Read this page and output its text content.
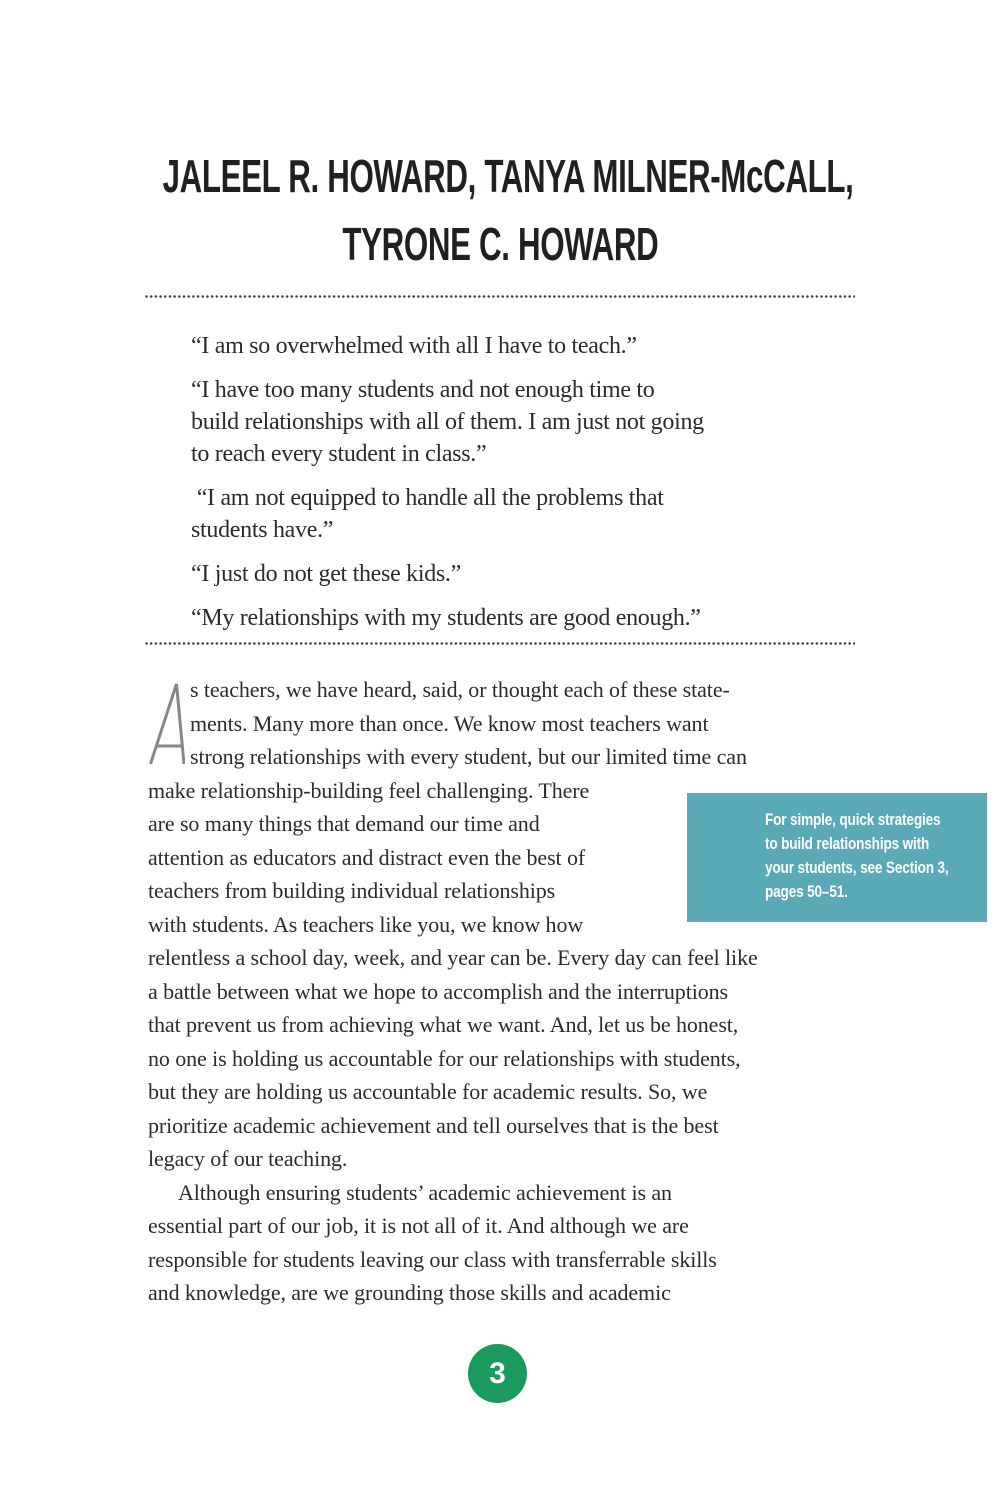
JALEEL R. HOWARD, TANYA MILNER-McCALL,
TYRONE C. HOWARD
“I am so overwhelmed with all I have to teach.”
“I have too many students and not enough time to
build relationships with all of them. I am just not going
to reach every student in class.”
“I am not equipped to handle all the problems that
students have.”
“I just do not get these kids.”
“My relationships with my students are good enough.”
s teachers, we have heard, said, or thought each of these state-
ments. Many more than once. We know most teachers want
strong relationships with every student, but our limited time can
make relationship-building feel challenging. There
are so many things that demand our time and
attention as educators and distract even the best of
teachers from building individual relationships
with students. As teachers like you, we know how
relentless a school day, week, and year can be. Every day can feel like
a battle between what we hope to accomplish and the interruptions
that prevent us from achieving what we want. And, let us be honest,
no one is holding us accountable for our relationships with students,
but they are holding us accountable for academic results. So, we
prioritize academic achievement and tell ourselves that is the best
legacy of our teaching.
Although ensuring students’ academic achievement is an
essential part of our job, it is not all of it. And although we are
responsible for students leaving our class with transferrable skills
and knowledge, are we grounding those skills and academic
For simple, quick strategies
to build relationships with
your students, see Section 3,
pages 50–51.
3
